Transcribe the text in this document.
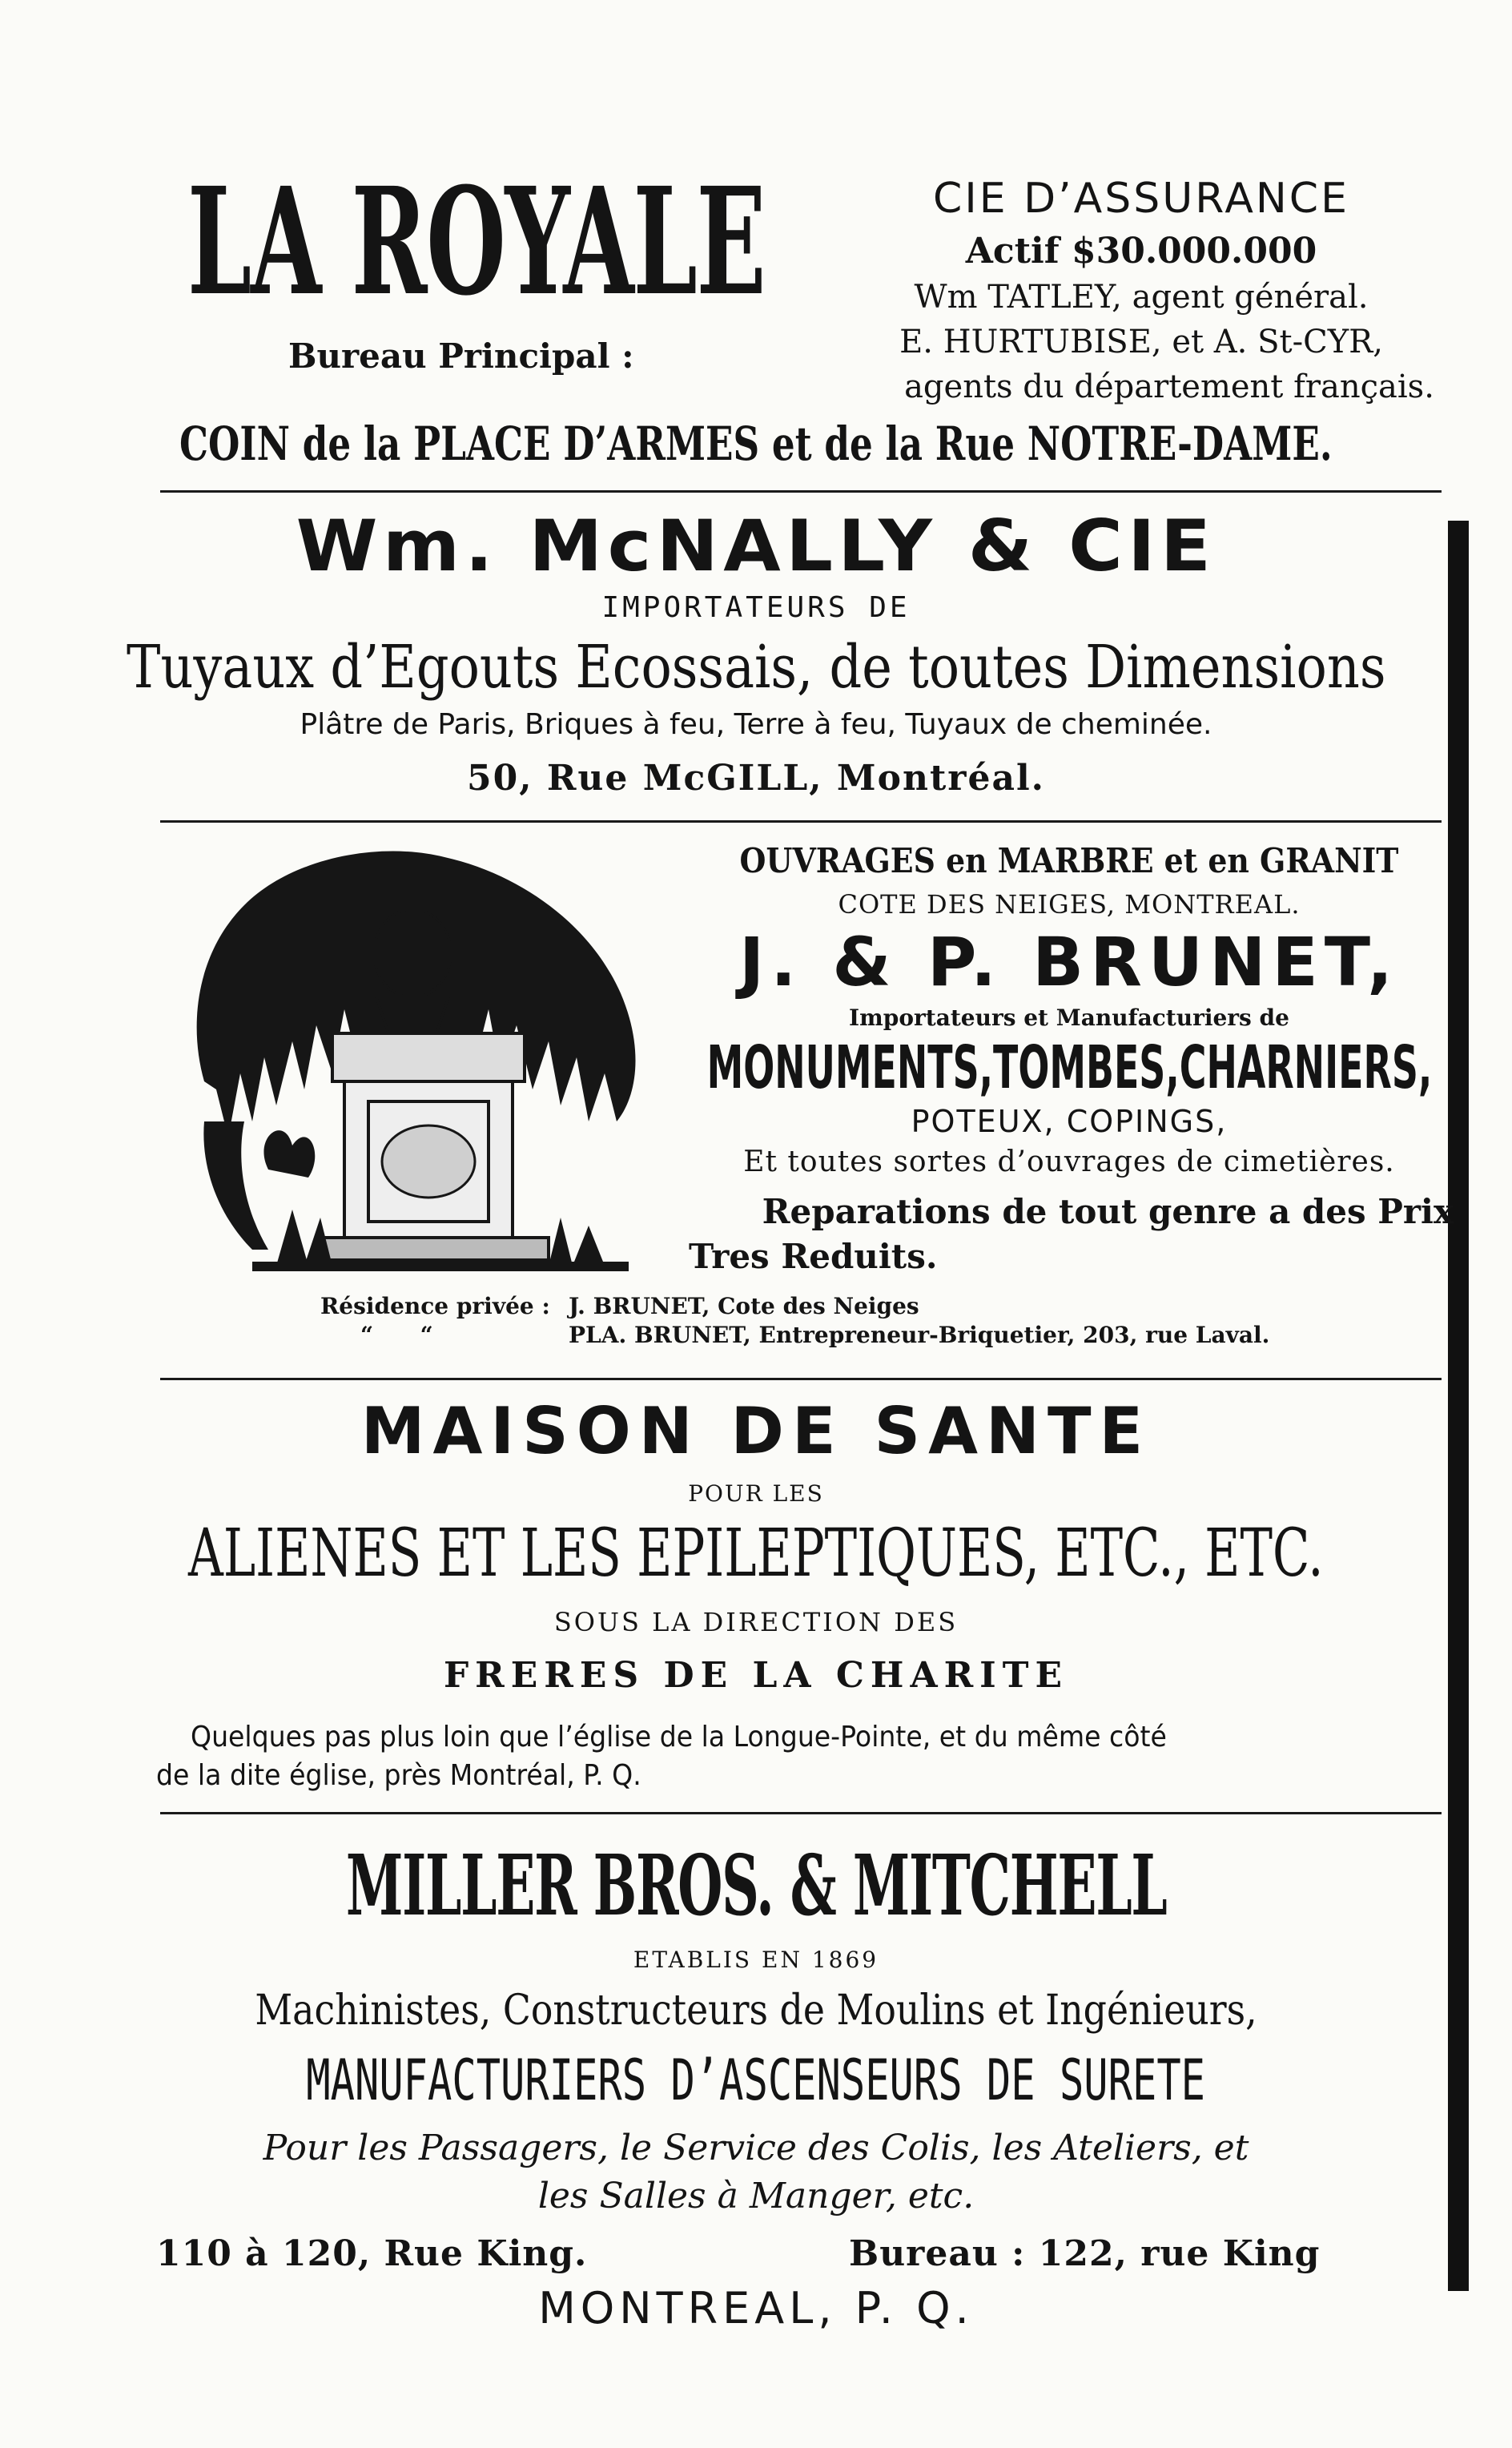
LA ROYALE
Bureau Principal :
CIE D’ASSURANCE
Actif $30.000.000
Wm TATLEY, agent général.
E. HURTUBISE, et A. St-CYR,
agents du département français.
COIN de la PLACE D’ARMES et de la Rue NOTRE-DAME.
Wm. McNALLY & CIE
IMPORTATEURS DE
Tuyaux d’Egouts Ecossais, de toutes Dimensions
Plâtre de Paris, Briques à feu, Terre à feu, Tuyaux de cheminée.
50, Rue McGILL, Montréal.
OUVRAGES en MARBRE et en GRANIT
COTE DES NEIGES, MONTREAL.
J. & P. BRUNET,
Importateurs et Manufacturiers de
MONUMENTS,TOMBES,CHARNIERS,
POTEUX, COPINGS,
Et toutes sortes d’ouvrages de cimetières.
Reparations de tout genre a des Prix
Tres Reduits.
Résidence privée : J. BRUNET, Cote des Neiges
“      “	PLA. BRUNET, Entrepreneur-Briquetier, 203, rue Laval.
MAISON DE SANTE
POUR LES
ALIENES ET LES EPILEPTIQUES, ETC., ETC.
SOUS LA DIRECTION DES
FRERES DE LA CHARITE
Quelques pas plus loin que l’église de la Longue-Pointe, et du même côté
de la dite église, près Montréal, P. Q.
MILLER BROS. & MITCHELL
ETABLIS EN 1869
Machinistes, Constructeurs de Moulins et Ingénieurs,
MANUFACTURIERS D’ASCENSEURS DE SURETE
Pour les Passagers, le Service des Colis, les Ateliers, et
les Salles à Manger, etc.
110 à 120, Rue King.	Bureau : 122, rue King
MONTREAL, P. Q.
